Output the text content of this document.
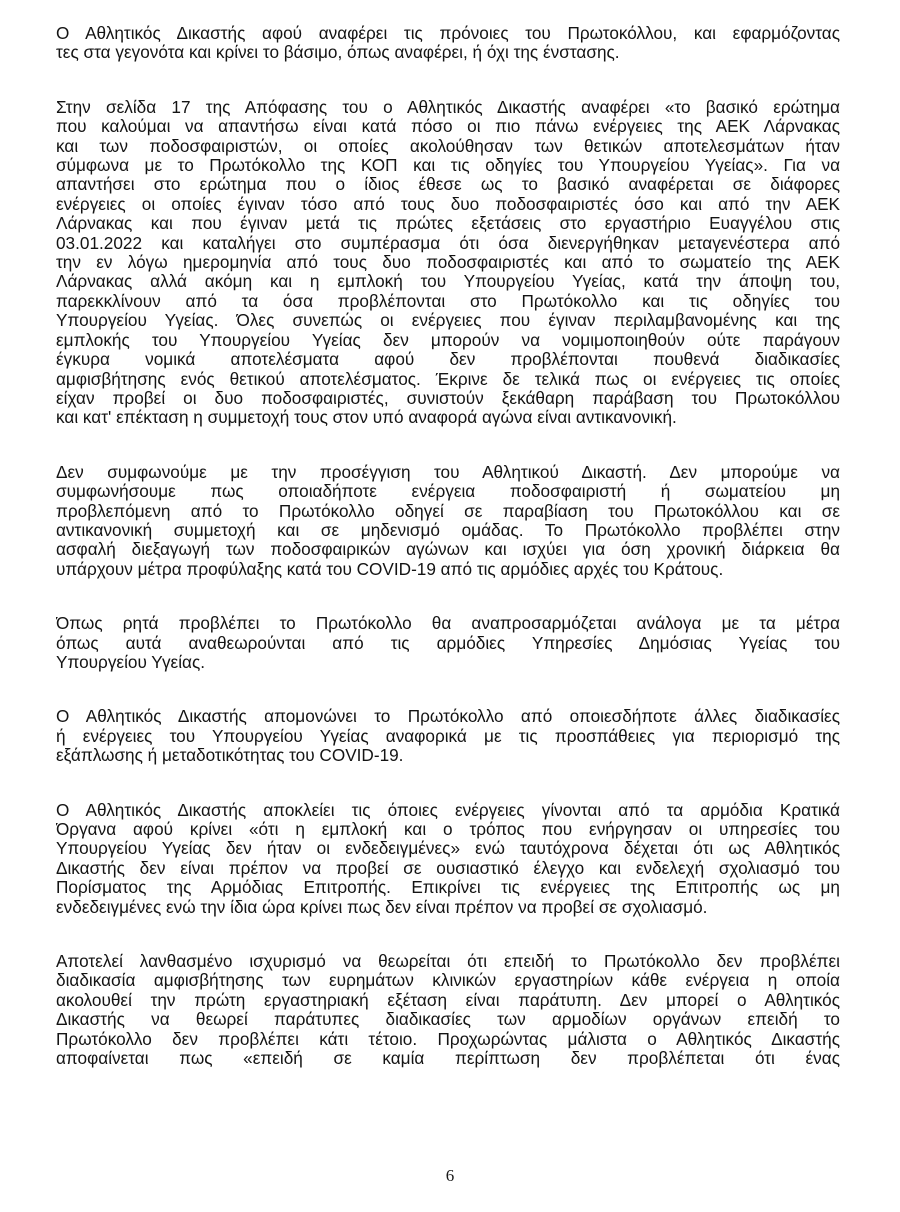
Ο Αθλητικός Δικαστής αφού αναφέρει τις πρόνοιες του Πρωτοκόλλου, και εφαρμόζοντας
τες στα γεγονότα και κρίνει το βάσιμο, όπως αναφέρει, ή όχι της ένστασης.
Στην σελίδα 17 της Απόφασης του ο Αθλητικός Δικαστής αναφέρει «το βασικό ερώτημα
που καλούμαι να απαντήσω είναι κατά πόσο οι πιο πάνω ενέργειες της ΑΕΚ Λάρνακας
και των ποδοσφαιριστών, οι οποίες ακολούθησαν των θετικών αποτελεσμάτων ήταν
σύμφωνα με το Πρωτόκολλο της ΚΟΠ και τις οδηγίες του Υπουργείου Υγείας». Για να
απαντήσει στο ερώτημα που ο ίδιος έθεσε ως το βασικό αναφέρεται σε διάφορες
ενέργειες οι οποίες έγιναν τόσο από τους δυο ποδοσφαιριστές όσο και από την ΑΕΚ
Λάρνακας και που έγιναν μετά τις πρώτες εξετάσεις στο εργαστήριο Ευαγγέλου στις
03.01.2022 και καταλήγει στο συμπέρασμα ότι όσα διενεργήθηκαν μεταγενέστερα από
την εν λόγω ημερομηνία από τους δυο ποδοσφαιριστές και από το σωματείο της ΑΕΚ
Λάρνακας αλλά ακόμη και η εμπλοκή του Υπουργείου Υγείας, κατά την άποψη του,
παρεκκλίνουν από τα όσα προβλέπονται στο Πρωτόκολλο και τις οδηγίες του
Υπουργείου Υγείας. Όλες συνεπώς οι ενέργειες που έγιναν περιλαμβανομένης και της
εμπλοκής του Υπουργείου Υγείας δεν μπορούν να νομιμοποιηθούν ούτε παράγουν
έγκυρα νομικά αποτελέσματα αφού δεν προβλέπονται πουθενά διαδικασίες
αμφισβήτησης ενός θετικού αποτελέσματος. Έκρινε δε τελικά πως οι ενέργειες τις οποίες
είχαν προβεί οι δυο ποδοσφαιριστές, συνιστούν ξεκάθαρη παράβαση του Πρωτοκόλλου
και κατ' επέκταση η συμμετοχή τους στον υπό αναφορά αγώνα είναι αντικανονική.
Δεν συμφωνούμε με την προσέγγιση του Αθλητικού Δικαστή. Δεν μπορούμε να
συμφωνήσουμε πως οποιαδήποτε ενέργεια ποδοσφαιριστή ή σωματείου μη
προβλεπόμενη από το Πρωτόκολλο οδηγεί σε παραβίαση του Πρωτοκόλλου και σε
αντικανονική συμμετοχή και σε μηδενισμό ομάδας. Το Πρωτόκολλο προβλέπει στην
ασφαλή διεξαγωγή των ποδοσφαιρικών αγώνων και ισχύει για όση χρονική διάρκεια θα
υπάρχουν μέτρα προφύλαξης κατά του COVID-19 από τις αρμόδιες αρχές του Κράτους.
Όπως ρητά προβλέπει το Πρωτόκολλο θα αναπροσαρμόζεται ανάλογα με τα μέτρα
όπως αυτά αναθεωρούνται από τις αρμόδιες Υπηρεσίες Δημόσιας Υγείας του
Υπουργείου Υγείας.
Ο Αθλητικός Δικαστής απομονώνει το Πρωτόκολλο από οποιεσδήποτε άλλες διαδικασίες
ή ενέργειες του Υπουργείου Υγείας αναφορικά με τις προσπάθειες για περιορισμό της
εξάπλωσης ή μεταδοτικότητας του COVID-19.
Ο Αθλητικός Δικαστής αποκλείει τις όποιες ενέργειες γίνονται από τα αρμόδια Κρατικά
Όργανα αφού κρίνει «ότι η εμπλοκή και ο τρόπος που ενήργησαν οι υπηρεσίες του
Υπουργείου Υγείας δεν ήταν οι ενδεδειγμένες» ενώ ταυτόχρονα δέχεται ότι ως Αθλητικός
Δικαστής δεν είναι πρέπον να προβεί σε ουσιαστικό έλεγχο και ενδελεχή σχολιασμό του
Πορίσματος της Αρμόδιας Επιτροπής. Επικρίνει τις ενέργειες της Επιτροπής ως μη
ενδεδειγμένες ενώ την ίδια ώρα κρίνει πως δεν είναι πρέπον να προβεί σε σχολιασμό.
Αποτελεί λανθασμένο ισχυρισμό να θεωρείται ότι επειδή το Πρωτόκολλο δεν προβλέπει
διαδικασία αμφισβήτησης των ευρημάτων κλινικών εργαστηρίων κάθε ενέργεια η οποία
ακολουθεί την πρώτη εργαστηριακή εξέταση είναι παράτυπη. Δεν μπορεί ο Αθλητικός
Δικαστής να θεωρεί παράτυπες διαδικασίες των αρμοδίων οργάνων επειδή το
Πρωτόκολλο δεν προβλέπει κάτι τέτοιο. Προχωρώντας μάλιστα ο Αθλητικός Δικαστής
αποφαίνεται πως «επειδή σε καμία περίπτωση δεν προβλέπεται ότι ένας
6
